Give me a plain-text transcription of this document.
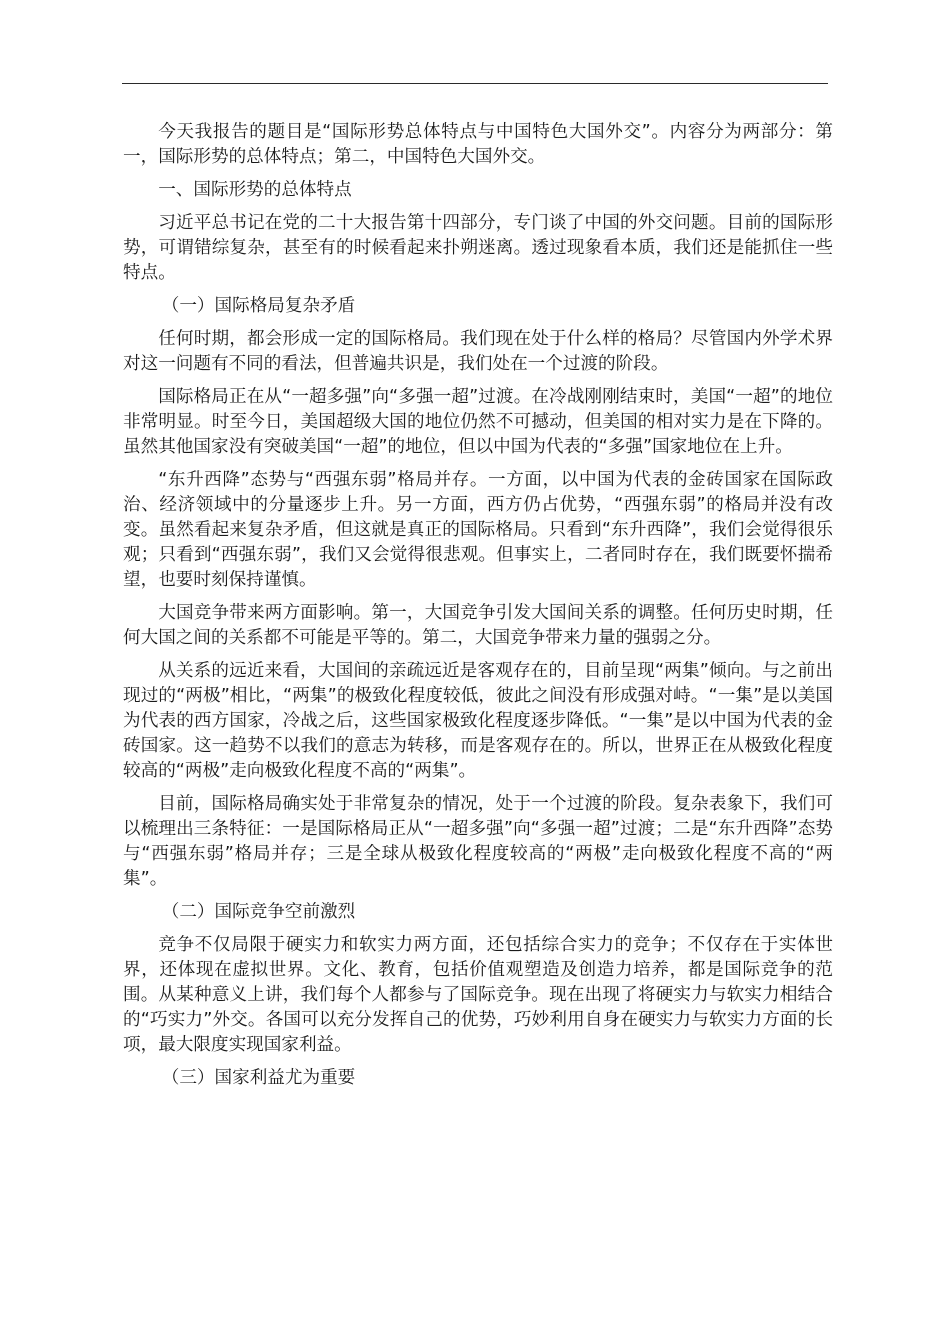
今天我报告的题目是“国际形势总体特点与中国特色大国外交”。内容分为两部分：第一，国际形势的总体特点；第二，中国特色大国外交。

一、国际形势的总体特点

习近平总书记在党的二十大报告第十四部分，专门谈了中国的外交问题。目前的国际形势，可谓错综复杂，甚至有的时候看起来扑朔迷离。透过现象看本质，我们还是能抓住一些特点。

（一）国际格局复杂矛盾

任何时期，都会形成一定的国际格局。我们现在处于什么样的格局？尽管国内外学术界对这一问题有不同的看法，但普遍共识是，我们处在一个过渡的阶段。

国际格局正在从“一超多强”向“多强一超”过渡。在冷战刚刚结束时，美国“一超”的地位非常明显。时至今日，美国超级大国的地位仍然不可撼动，但美国的相对实力是在下降的。虽然其他国家没有突破美国“一超”的地位，但以中国为代表的“多强”国家地位在上升。

“东升西降”态势与“西强东弱”格局并存。一方面，以中国为代表的金砖国家在国际政治、经济领域中的分量逐步上升。另一方面，西方仍占优势，“西强东弱”的格局并没有改变。虽然看起来复杂矛盾，但这就是真正的国际格局。只看到“东升西降”，我们会觉得很乐观；只看到“西强东弱”，我们又会觉得很悲观。但事实上，二者同时存在，我们既要怀揣希望，也要时刻保持谨慎。

大国竞争带来两方面影响。第一，大国竞争引发大国间关系的调整。任何历史时期，任何大国之间的关系都不可能是平等的。第二，大国竞争带来力量的强弱之分。

从关系的远近来看，大国间的亲疏远近是客观存在的，目前呈现“两集”倾向。与之前出现过的“两极”相比，“两集”的极致化程度较低，彼此之间没有形成强对峙。“一集”是以美国为代表的西方国家，冷战之后，这些国家极致化程度逐步降低。“一集”是以中国为代表的金砖国家。这一趋势不以我们的意志为转移，而是客观存在的。所以，世界正在从极致化程度较高的“两极”走向极致化程度不高的“两集”。

目前，国际格局确实处于非常复杂的情况，处于一个过渡的阶段。复杂表象下，我们可以梳理出三条特征：一是国际格局正从“一超多强”向“多强一超”过渡；二是“东升西降”态势与“西强东弱”格局并存；三是全球从极致化程度较高的“两极”走向极致化程度不高的“两集”。

（二）国际竞争空前激烈

竞争不仅局限于硬实力和软实力两方面，还包括综合实力的竞争；不仅存在于实体世界，还体现在虚拟世界。文化、教育，包括价值观塑造及创造力培养，都是国际竞争的范围。从某种意义上讲，我们每个人都参与了国际竞争。现在出现了将硬实力与软实力相结合的“巧实力”外交。各国可以充分发挥自己的优势，巧妙利用自身在硬实力与软实力方面的长项，最大限度实现国家利益。

（三）国家利益尤为重要
